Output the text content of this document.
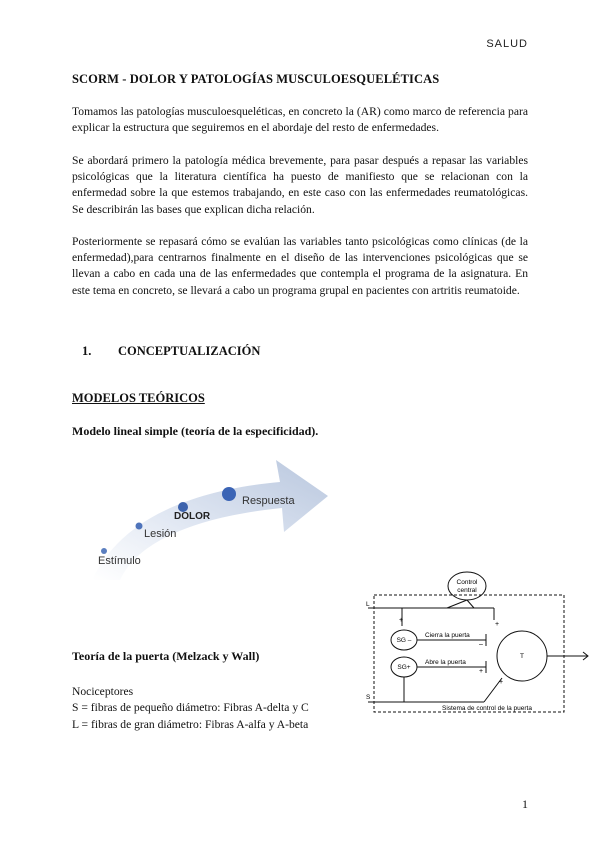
SALUD
SCORM - DOLOR Y PATOLOGÍAS MUSCULOESQUELÉTICAS
Tomamos las patologías musculoesqueléticas, en concreto la (AR) como marco de referencia para explicar la estructura que seguiremos en el abordaje del resto de enfermedades.
Se abordará primero la patología médica brevemente, para pasar después a repasar las variables psicológicas que la literatura científica ha puesto de manifiesto que se relacionan con la enfermedad sobre la que estemos trabajando, en este caso con las enfermedades reumatológicas. Se describirán las bases que explican dicha relación.
Posteriormente se repasará cómo se evalúan las variables tanto psicológicas como clínicas (de la enfermedad),para centrarnos finalmente en el diseño de las intervenciones psicológicas que se llevan a cabo en cada una de las enfermedades que contempla el programa de la asignatura. En este tema en concreto, se llevará a cabo un programa grupal en pacientes con artritis reumatoide.
1. CONCEPTUALIZACIÓN
MODELOS TEÓRICOS
Modelo lineal simple (teoría de la especificidad).
Estímulo
Lesión
DOLOR
Respuesta
Control
central
SG –
SG+
Cierra la puerta
Abre la puerta
T
L
S
Sistema de control de la puerta
+
–
+
+
+
Teoría de la puerta (Melzack y Wall)
Nociceptores
S = fibras de pequeño diámetro: Fibras A-delta y C
L = fibras de gran diámetro: Fibras A-alfa y A-beta
1
